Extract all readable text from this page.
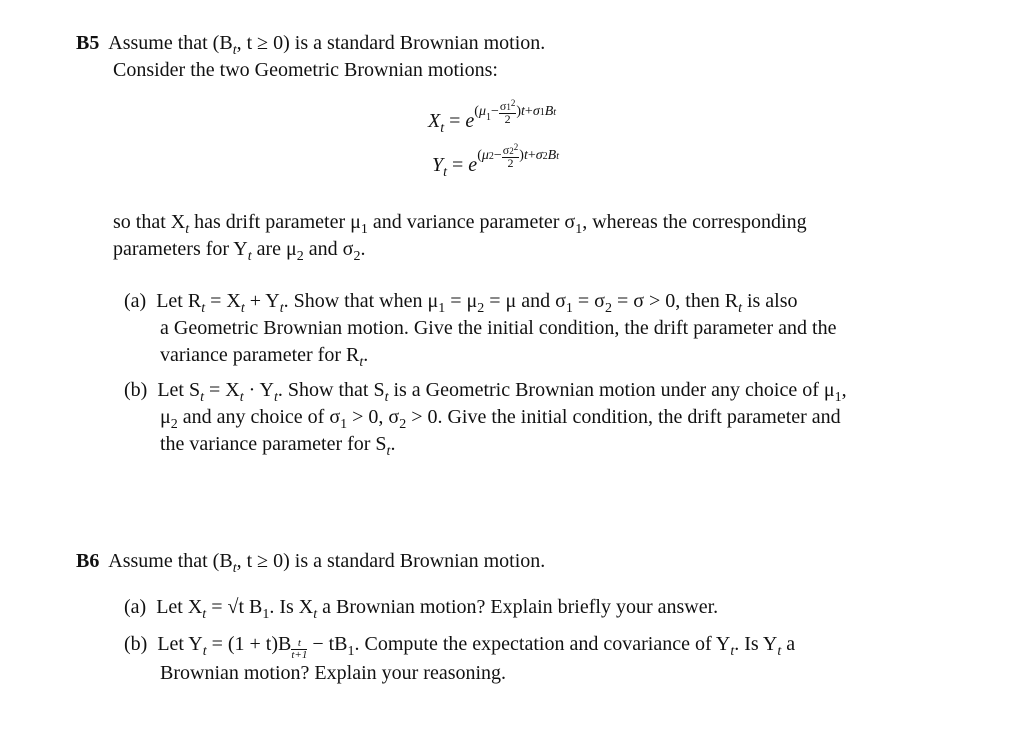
B5 Assume that ($B_t$, t ≥ 0) is a standard Brownian motion.
Consider the two Geometric Brownian motions:
$X_t = e^{(\mu_1- \frac{\sigma 1^2}{2} )t+\sigma 1Bt}$
$Y_t = e^{(\mu 2- \frac{\sigma 2^2}{2} )t+\sigma 2Bt}$
so that $X_t$ has drift parameter $\mu_1$ and variance parameter $\sigma_1$, whereas the corresponding
parameters for $Y_t$ are $\mu_2$ and $\sigma_2$.
(a) Let $R_t = X_t + Y_t$. Show that when $\mu_1 = \mu_2 = \mu$ and $\sigma_1 = \sigma_2 = \sigma > 0$, then $R_t$ is also
a Geometric Brownian motion. Give the initial condition, the drift parameter and the
variance parameter for $R_t$.
(b) Let $S_t = X_t \cdot Y_t$. Show that $S_t$ is a Geometric Brownian motion under any choice of $\mu_1$,
$\mu_2$ and any choice of $\sigma_1 > 0$, $\sigma_2 > 0$. Give the initial condition, the drift parameter and
the variance parameter for $S_t$.
B6 Assume that ($B_t$, t ≥ 0) is a standard Brownian motion.
(a) Let $X_t = √t$ $B_1$. Is $X_t$ a Brownian motion? Explain briefly your answer.
(b) Let $Y_t = (1 + t)B \frac{t}{t+1} - tB_1$. Compute the expectation and covariance of $Y_t$. Is $Y_t$ a
Brownian motion? Explain your reasoning.
